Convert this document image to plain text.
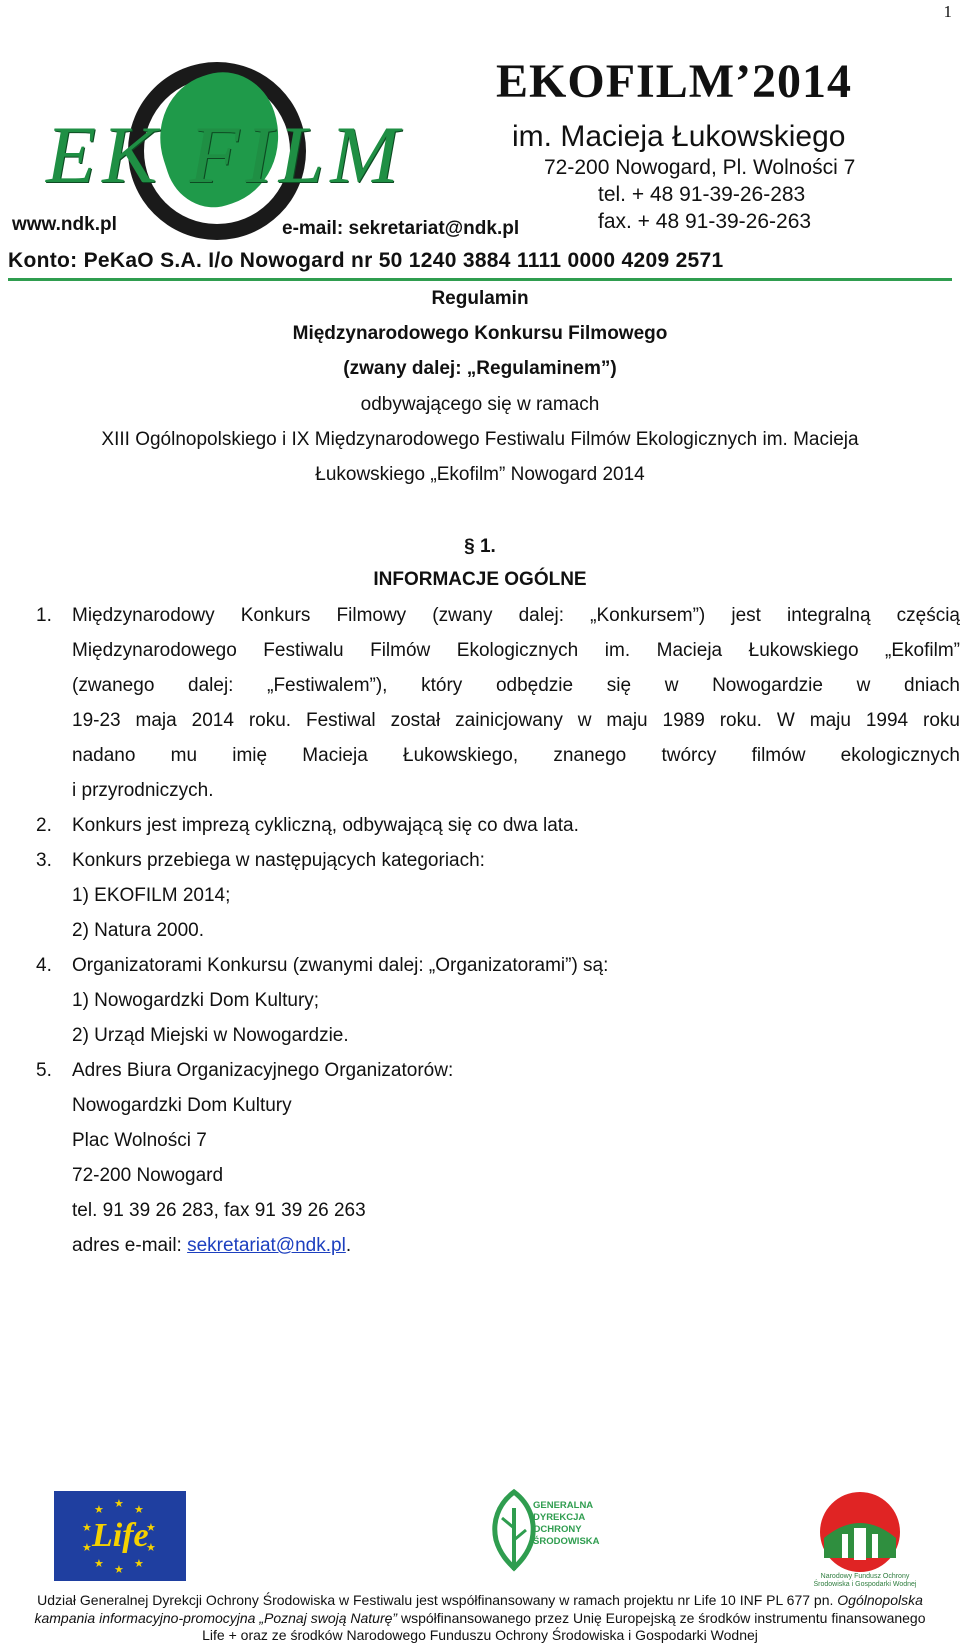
1
EK FILM
www.ndk.pl	e-mail: sekretariat@ndk.pl
EKOFILM’2014
im. Macieja Łukowskiego
72-200 Nowogard, Pl. Wolności 7
tel. + 48 91-39-26-283
fax. + 48 91-39-26-263
Konto: PeKaO S.A. I/o Nowogard nr 50 1240 3884 1111 0000 4209 2571
Regulamin
Międzynarodowego Konkursu Filmowego
(zwany dalej: „Regulaminem”)
odbywającego się w ramach
XIII Ogólnopolskiego i IX Międzynarodowego Festiwalu Filmów Ekologicznych im. Macieja
Łukowskiego „Ekofilm” Nowogard 2014
§ 1.
INFORMACJE OGÓLNE
1.	Międzynarodowy Konkurs Filmowy (zwany dalej: „Konkursem”) jest integralną częścią
Międzynarodowego Festiwalu Filmów Ekologicznych im. Macieja Łukowskiego „Ekofilm”
(zwanego dalej: „Festiwalem”), który odbędzie się w Nowogardzie w dniach
19-23 maja 2014 roku. Festiwal został zainicjowany w maju 1989 roku. W maju 1994 roku
nadano mu imię Macieja Łukowskiego, znanego twórcy filmów ekologicznych
i przyrodniczych.
2.	Konkurs jest imprezą cykliczną, odbywającą się co dwa lata.
3.	Konkurs przebiega w następujących kategoriach:
1) EKOFILM 2014;
2) Natura 2000.
4.	Organizatorami Konkursu (zwanymi dalej: „Organizatorami”) są:
1) Nowogardzki Dom Kultury;
2) Urząd Miejski w Nowogardzie.
5.	Adres Biura Organizacyjnego Organizatorów:
Nowogardzki Dom Kultury
Plac Wolności 7
72-200 Nowogard
tel. 91 39 26 283, fax 91 39 26 263
adres e-mail: sekretariat@ndk.pl.
★ ★
★
★
★
★
★
★
★
★
Life
GENERALNA DYREKCJA OCHRONY ŚRODOWISKA
Narodowy Fundusz Ochrony Środowiska i Gospodarki Wodnej
Udział Generalnej Dyrekcji Ochrony Środowiska w Festiwalu jest współfinansowany w ramach projektu nr Life 10 INF PL 677 pn. Ogólnopolska
kampania informacyjno-promocyjna „Poznaj swoją Naturę” współfinansowanego przez Unię Europejską ze środków instrumentu finansowanego
Life + oraz ze środków Narodowego Funduszu Ochrony Środowiska i Gospodarki Wodnej
